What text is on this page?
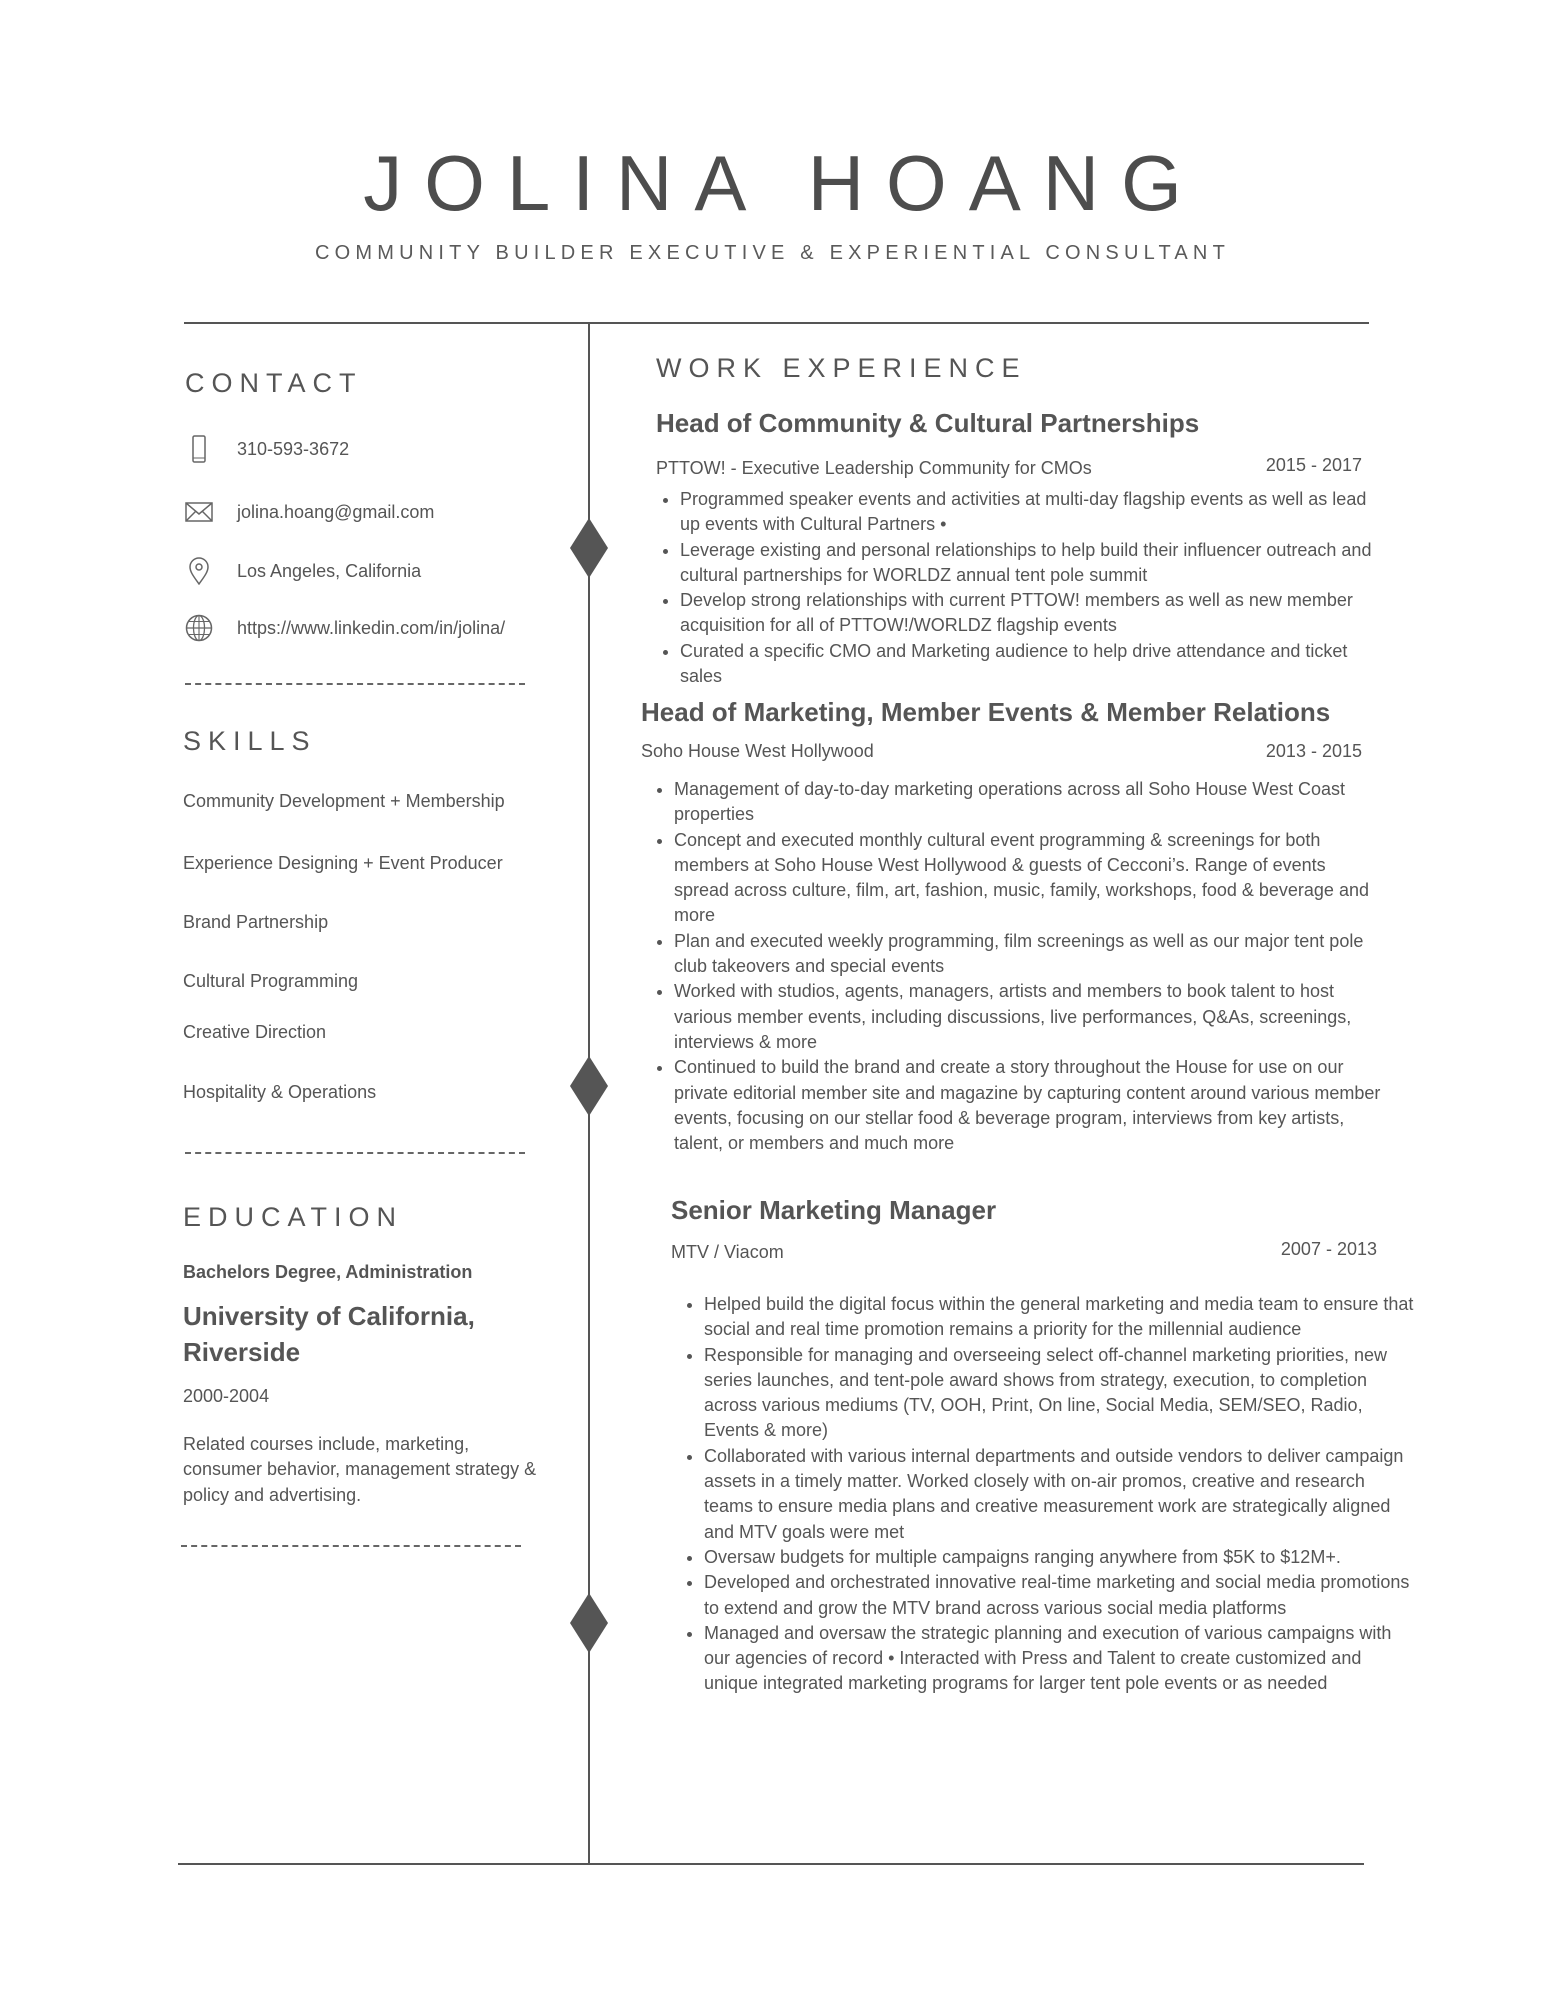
JOLINA HOANG
COMMUNITY BUILDER EXECUTIVE & EXPERIENTIAL CONSULTANT
CONTACT
310-593-3672
jolina.hoang@gmail.com
Los Angeles, California
https://www.linkedin.com/in/jolina/
SKILLS
Community Development + Membership
Experience Designing + Event Producer
Brand Partnership
Cultural Programming
Creative Direction
Hospitality & Operations
EDUCATION
Bachelors Degree, Administration
University of California, Riverside
2000-2004
Related courses include, marketing, consumer behavior, management strategy & policy and advertising.
WORK EXPERIENCE
Head of Community & Cultural Partnerships
PTTOW! - Executive Leadership Community for CMOs	2015 - 2017
• Programmed speaker events and activities at multi-day flagship events as well as lead up events with Cultural Partners •
• Leverage existing and personal relationships to help build their influencer outreach and cultural partnerships for WORLDZ annual tent pole summit
• Develop strong relationships with current PTTOW! members as well as new member acquisition for all of PTTOW!/WORLDZ flagship events
• Curated a specific CMO and Marketing audience to help drive attendance and ticket sales
Head of Marketing, Member Events & Member Relations
Soho House West Hollywood	2013 - 2015
• Management of day-to-day marketing operations across all Soho House West Coast properties
• Concept and executed monthly cultural event programming & screenings for both members at Soho House West Hollywood & guests of Cecconi’s. Range of events spread across culture, film, art, fashion, music, family, workshops, food & beverage and more
• Plan and executed weekly programming, film screenings as well as our major tent pole club takeovers and special events
• Worked with studios, agents, managers, artists and members to book talent to host various member events, including discussions, live performances, Q&As, screenings, interviews & more
• Continued to build the brand and create a story throughout the House for use on our private editorial member site and magazine by capturing content around various member events, focusing on our stellar food & beverage program, interviews from key artists, talent, or members and much more
Senior Marketing Manager
MTV / Viacom	2007 - 2013
• Helped build the digital focus within the general marketing and media team to ensure that social and real time promotion remains a priority for the millennial audience
• Responsible for managing and overseeing select off-channel marketing priorities, new series launches, and tent-pole award shows from strategy, execution, to completion across various mediums (TV, OOH, Print, On line, Social Media, SEM/SEO, Radio, Events & more)
• Collaborated with various internal departments and outside vendors to deliver campaign assets in a timely matter. Worked closely with on-air promos, creative and research teams to ensure media plans and creative measurement work are strategically aligned and MTV goals were met
• Oversaw budgets for multiple campaigns ranging anywhere from $5K to $12M+.
• Developed and orchestrated innovative real-time marketing and social media promotions to extend and grow the MTV brand across various social media platforms
• Managed and oversaw the strategic planning and execution of various campaigns with our agencies of record • Interacted with Press and Talent to create customized and unique integrated marketing programs for larger tent pole events or as needed
